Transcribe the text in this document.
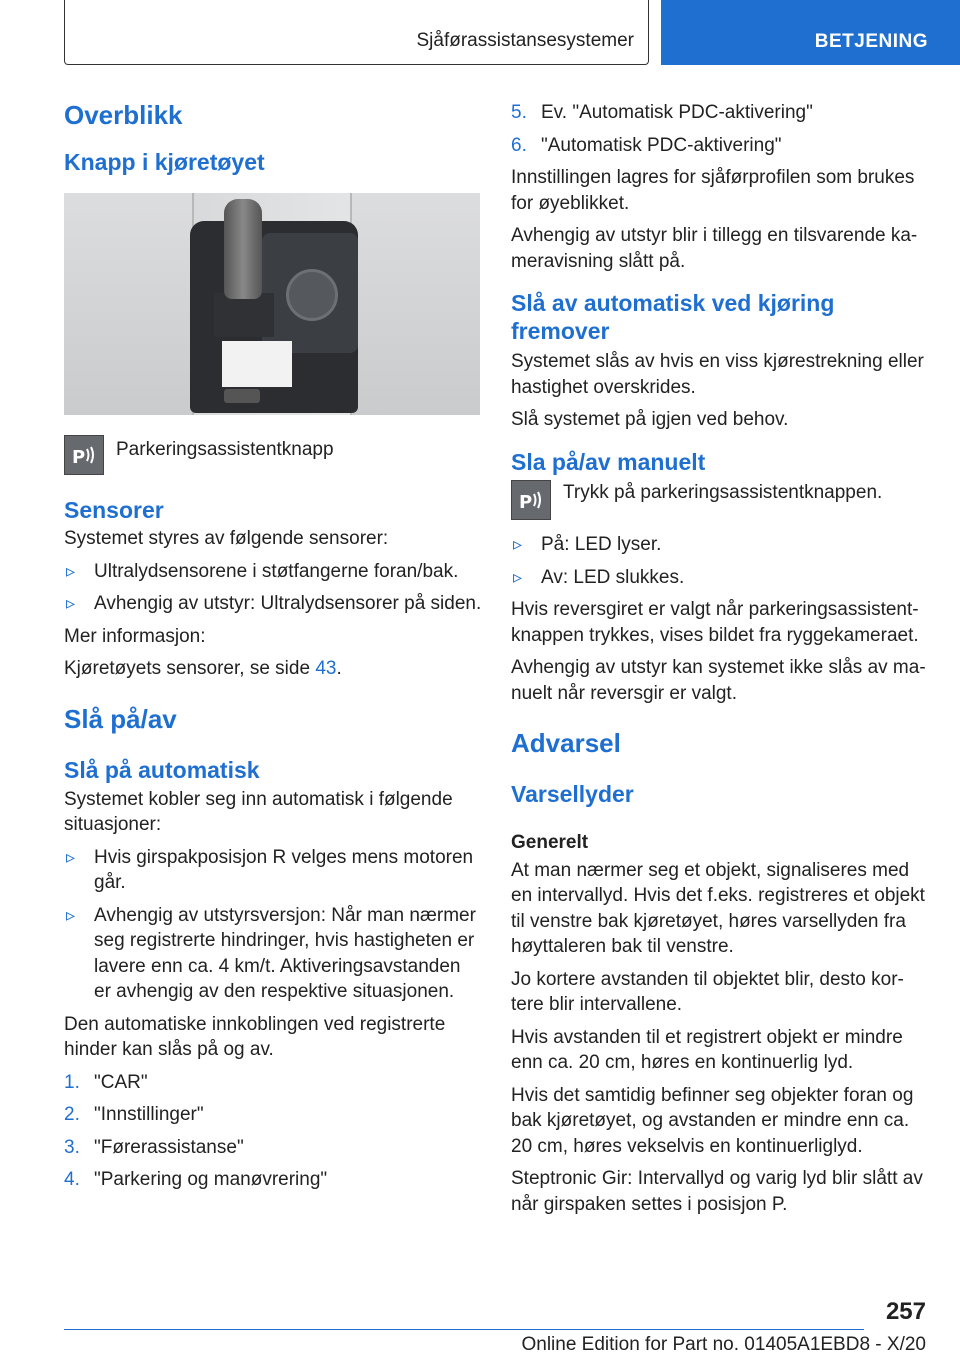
Sjåførassistansesystemer	BETJENING
Overblikk
Knapp i kjøretøyet
P Parkeringsassistentknapp

Sensorer

Systemet styres av følgende sensorer:

▹ Ultralydsensorene i støtfangerne foran/bak.
▹ Avhengig av utstyr: Ultralydsensorer på siden.

Mer informasjon:

Kjøretøyets sensorer, se side 43.

Slå på/av
Slå på automatisk

Systemet kobler seg inn automatisk i følgende situasjoner:

▹ Hvis girspakposisjon R velges mens motoren går.
▹ Avhengig av utstyrsversjon: Når man nærmer seg registrerte hindringer, hvis hastigheten er lavere enn ca. 4 km/t. Aktiveringsavstanden er avhengig av den respektive situasjonen.

Den automatiske innkoblingen ved registrerte hinder kan slås på og av.

1. "CAR"
2. "Innstillinger"
3. "Førerassistanse"
4. "Parkering og manøvrering"
5. Ev. "Automatisk PDC-aktivering"
6. "Automatisk PDC-aktivering"

Innstillingen lagres for sjåførprofilen som brukes for øyeblikket.

Avhengig av utstyr blir i tillegg en tilsvarende ka-meravisning slått på.

Slå av automatisk ved kjøring fremover

Systemet slås av hvis en viss kjørestrekning eller hastighet overskrides.

Slå systemet på igjen ved behov.

Sla på/av manuelt
P Trykk på parkeringsassistentknappen.

▹ På: LED lyser.
▹ Av: LED slukkes.

Hvis reversgiret er valgt når parkeringsassistent-knappen trykkes, vises bildet fra ryggekameraet.

Avhengig av utstyr kan systemet ikke slås av ma-nuelt når reversgir er valgt.

Advarsel
Varsellyder
Generelt

At man nærmer seg et objekt, signaliseres med en intervallyd. Hvis det f.eks. registreres et objekt til venstre bak kjøretøyet, høres varsellyden fra høyttaleren bak til venstre.

Jo kortere avstanden til objektet blir, desto kor-tere blir intervallene.

Hvis avstanden til et registrert objekt er mindre enn ca. 20 cm, høres en kontinuerlig lyd.

Hvis det samtidig befinner seg objekter foran og bak kjøretøyet, og avstanden er mindre enn ca. 20 cm, høres vekselvis en kontinuerliglyd.

Steptronic Gir: Intervallyd og varig lyd blir slått av når girspaken settes i posisjon P.

257
Online Edition for Part no. 01405A1EBD8 - X/20
